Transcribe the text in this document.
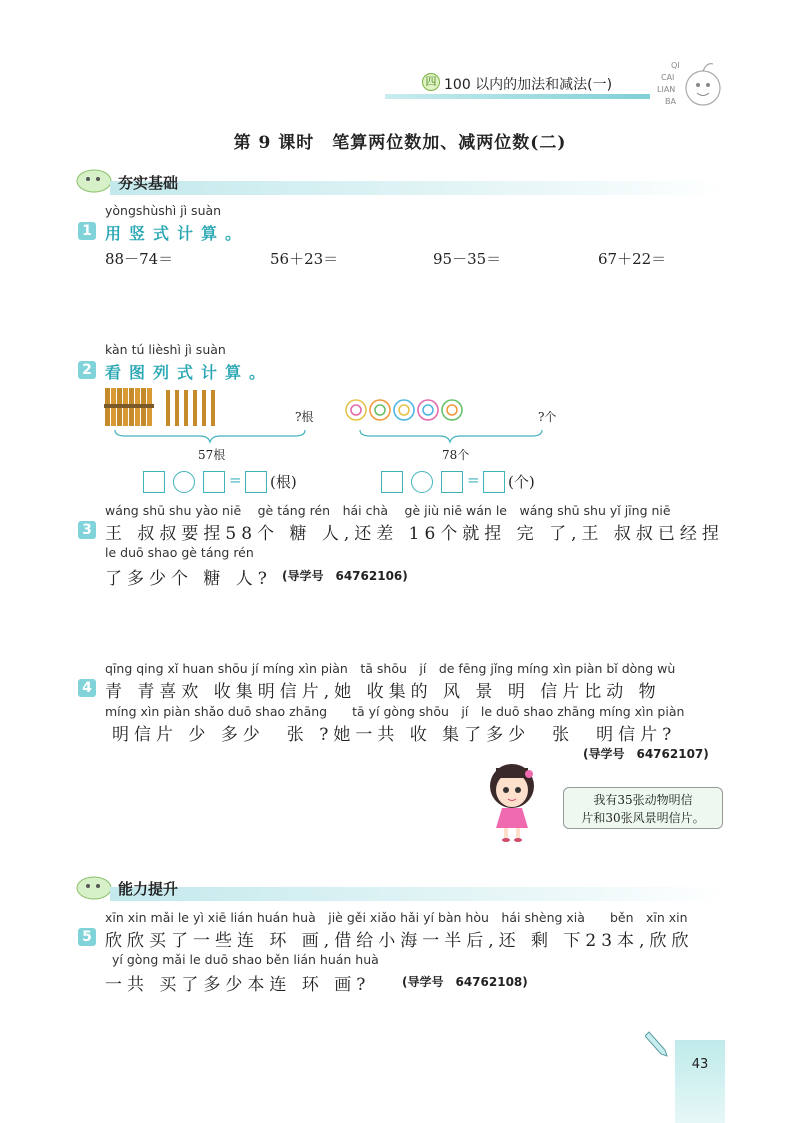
四 100 以内的加法和减法(一)
QI
CAI
LIAN
BA
第 9 课时　笔算两位数加、减两位数(二)
夯实基础
yòngshùshì jì suàn
1 用竖式计算。
88－74＝	56＋23＝	95－35＝	67＋22＝
kàn tú lièshì jì suàn
2 看图列式计算。
?根
57根
?个
78个
= (根)	= (个)
wáng shū shu yào niē　 gè táng rén　hái chà　 gè jiù niē wán le　wáng shū shu yǐ jīng niē
3 王 叔叔要捏58个 糖 人,还差 16个就捏 完 了,王 叔叔已经捏
le duō shao gè táng rén
了多少个 糖 人? (导学号　64762106)
qīng qing xǐ huan shōu jí míng xìn piàn　tā shōu　jí　de fēng jǐng míng xìn piàn bǐ dòng wù
4 青 青喜欢 收集明信片,她 收集的 风 景 明 信片比动 物
míng xìn piàn shǎo duō shao zhāng　　tā yí gòng shōu　jí　le duō shao zhāng míng xìn piàn
明信片 少 多少　张 ?她一共 收 集了多少　张　明信片?
(导学号　64762107)
我有35张动物明信
片和30张风景明信片。
能力提升
xīn xin mǎi le yì xiē lián huán huà　jiè gěi xiǎo hǎi yí bàn hòu　hái shèng xià　　běn　xīn xin
5 欣欣买了一些连 环 画,借给小海一半后,还 剩 下23本,欣欣
yí gòng mǎi le duō shao běn lián huán huà
一共 买了多少本连 环 画?	(导学号　64762108)
43
